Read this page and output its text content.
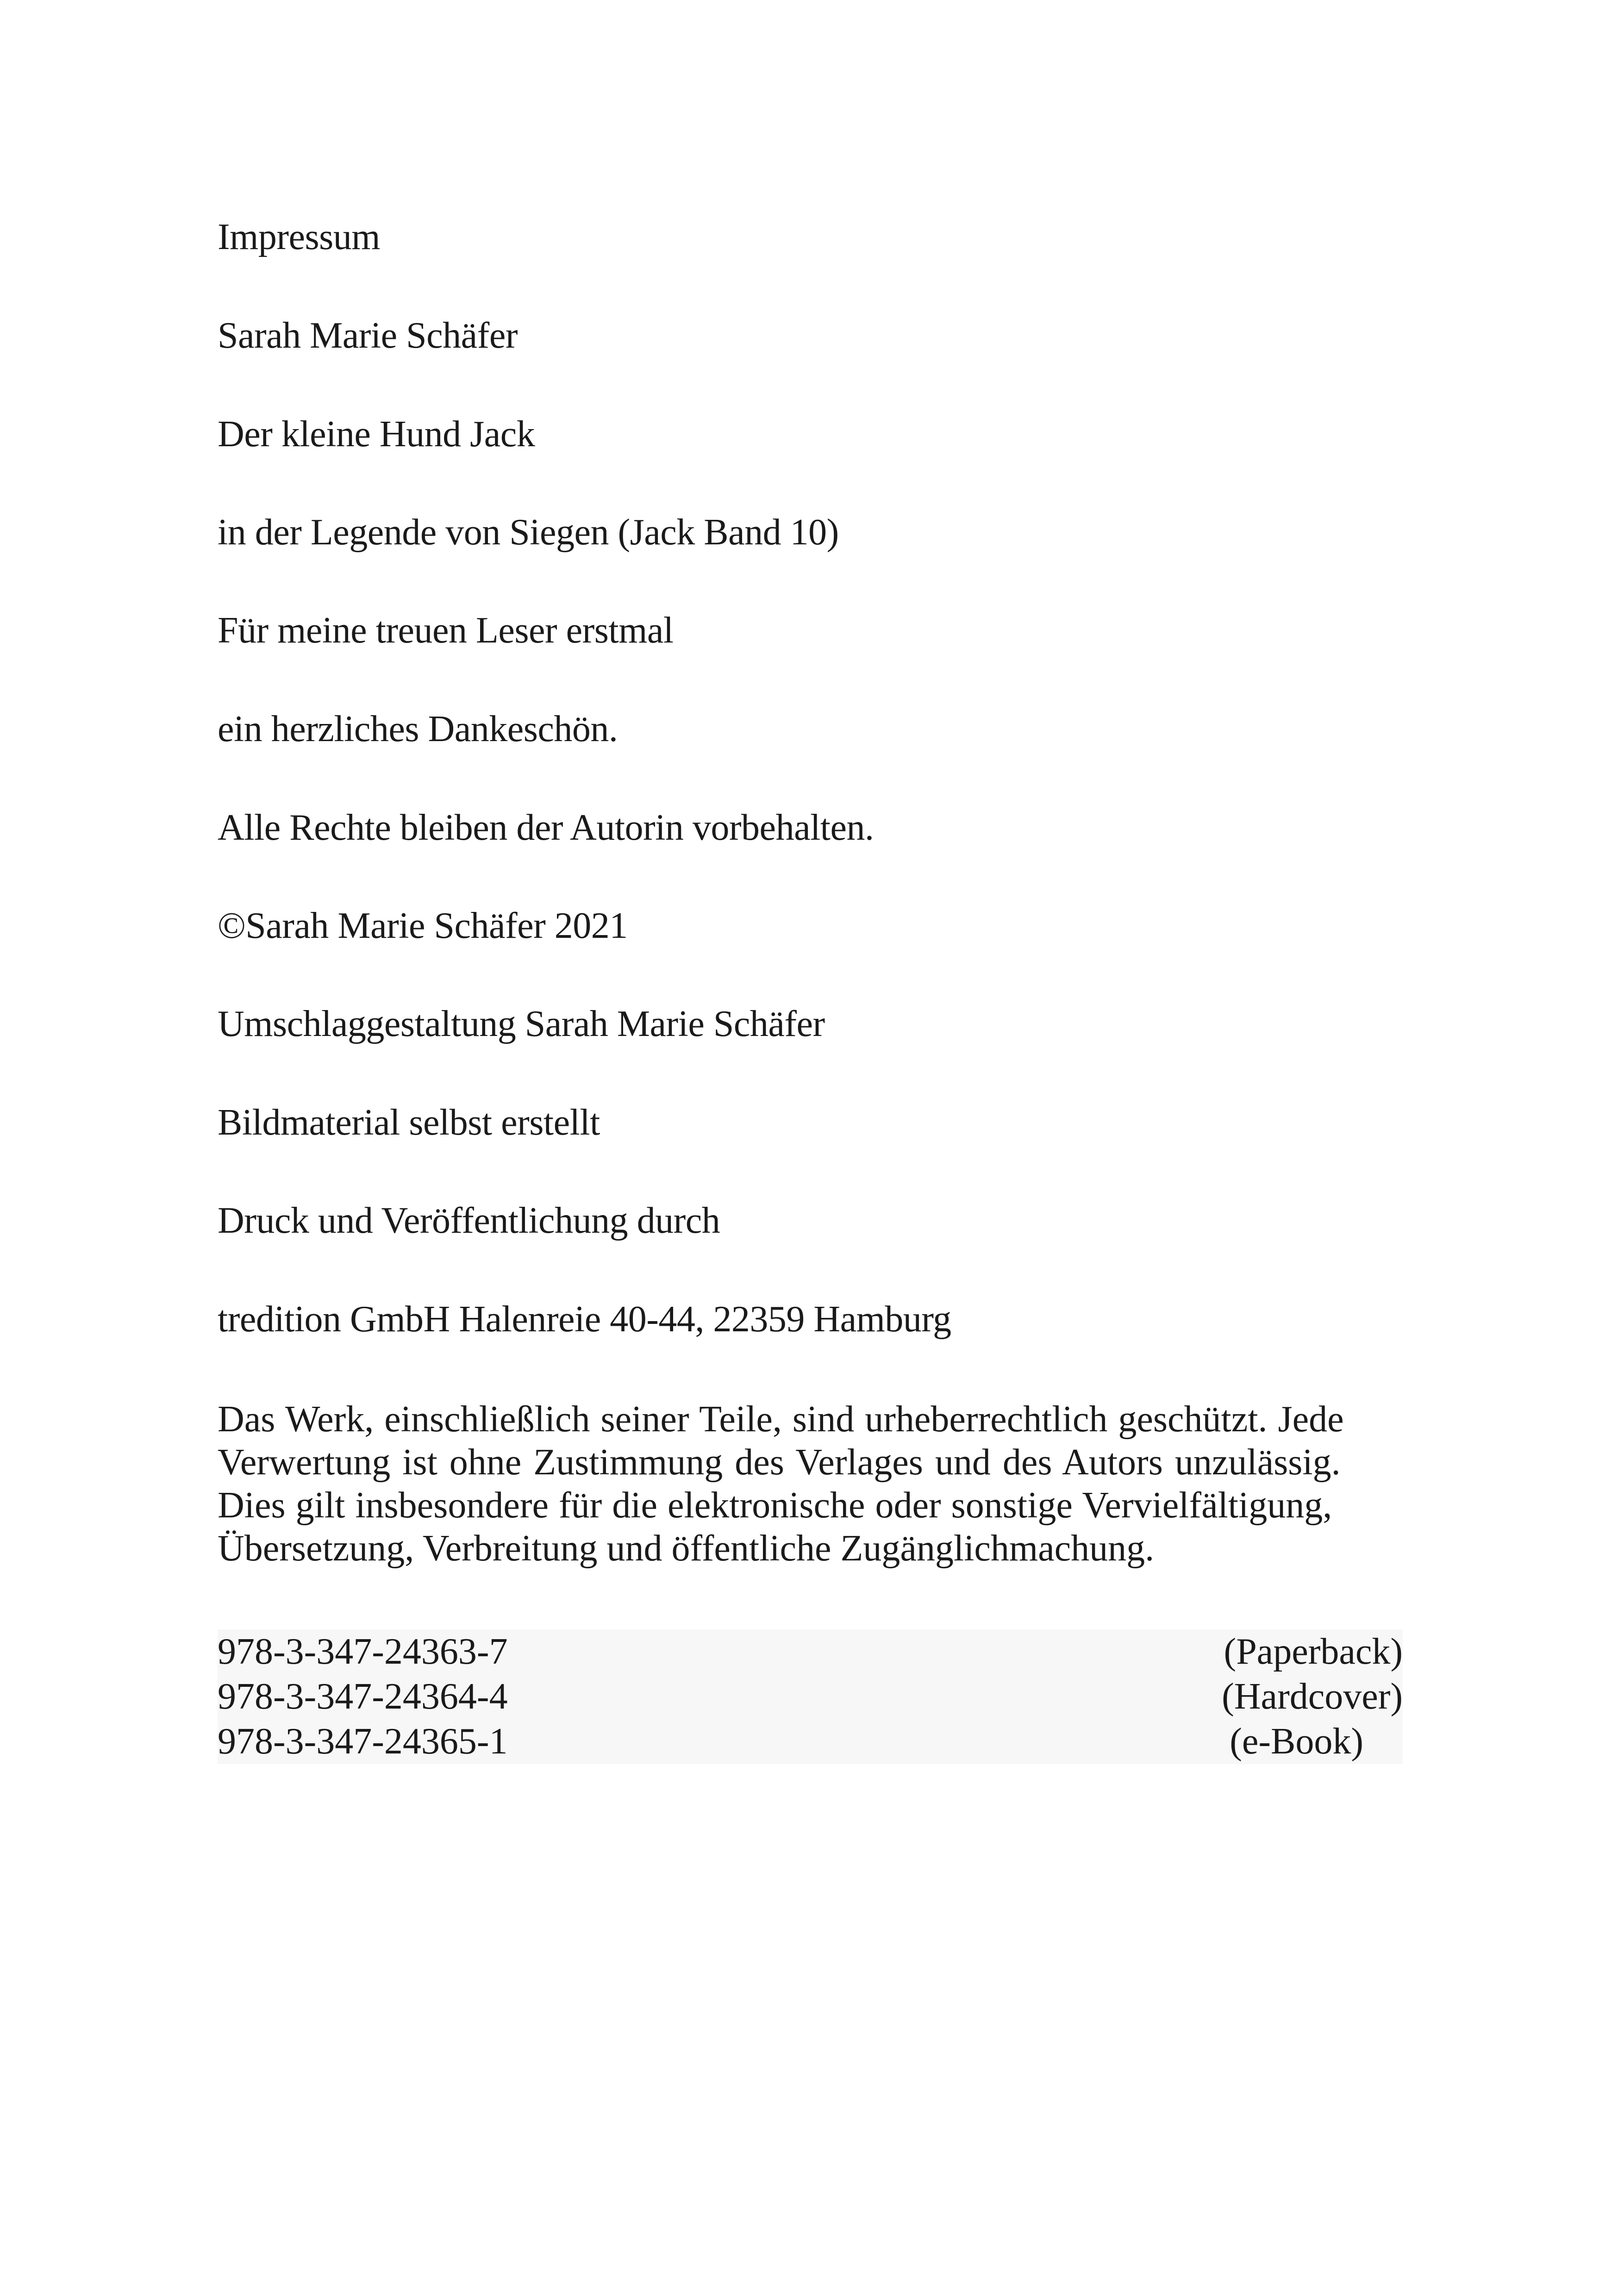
Impressum
Sarah Marie Schäfer
Der kleine Hund Jack
in der Legende von Siegen (Jack Band 10)
Für meine treuen Leser erstmal
ein herzliches Dankeschön.
Alle Rechte bleiben der Autorin vorbehalten.
©Sarah Marie Schäfer 2021
Umschlaggestaltung Sarah Marie Schäfer
Bildmaterial selbst erstellt
Druck und Veröffentlichung durch
tredition GmbH Halenreie 40-44, 22359 Hamburg
Das Werk, einschließlich seiner Teile, sind urheberrechtlich geschützt. Jede
Verwertung ist ohne Zustimmung des Verlages und des Autors unzulässig.
Dies gilt insbesondere für die elektronische oder sonstige Vervielfältigung,
Übersetzung, Verbreitung und öffentliche Zugänglichmachung.
978-3-347-24363-7	(Paperback)
978-3-347-24364-4	(Hardcover)
978-3-347-24365-1	(e-Book)
